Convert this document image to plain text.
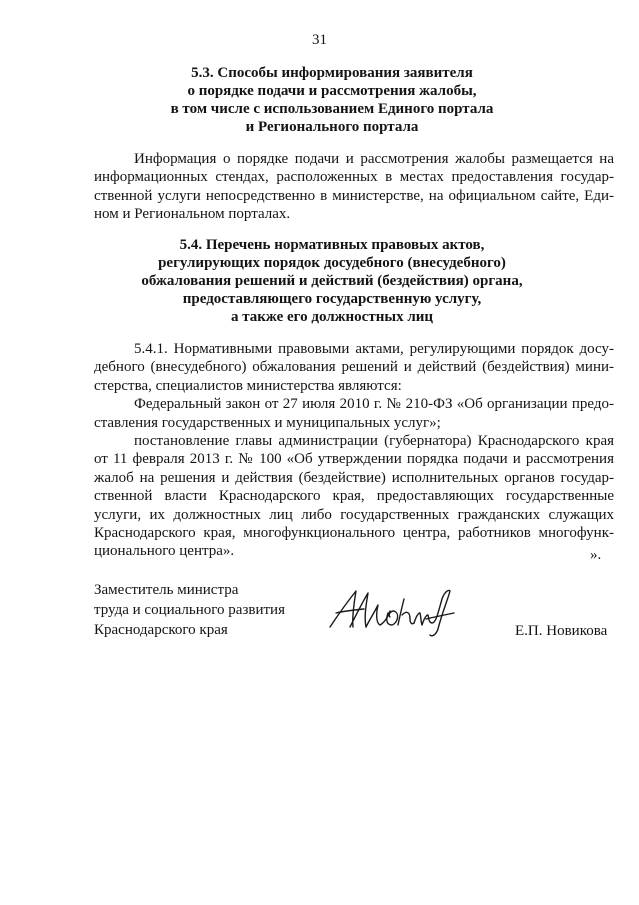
31
5.3. Способы информирования заявителя
о порядке подачи и рассмотрения жалобы,
в том числе с использованием Единого портала
и Регионального портала
Информация о порядке подачи и рассмотрения жалобы размещается на
информационных стендах, расположенных в местах предоставления государ-
ственной услуги непосредственно в министерстве, на официальном сайте, Еди-
ном и Региональном порталах.
5.4. Перечень нормативных правовых актов,
регулирующих порядок досудебного (внесудебного)
обжалования решений и действий (бездействия) органа,
предоставляющего государственную услугу,
а также его должностных лиц
5.4.1. Нормативными правовыми актами, регулирующими порядок досу-
дебного (внесудебного) обжалования решений и действий (бездействия) мини-
стерства, специалистов министерства являются:
Федеральный закон от 27 июля 2010 г. № 210-ФЗ «Об организации предо-
ставления государственных и муниципальных услуг»;
постановление главы администрации (губернатора) Краснодарского края
от 11 февраля 2013 г. № 100 «Об утверждении порядка подачи и рассмотрения
жалоб на решения и действия (бездействие) исполнительных органов государ-
ственной власти Краснодарского края, предоставляющих государственные
услуги, их должностных лиц либо государственных гражданских служащих
Краснодарского края, многофункционального центра, работников многофунк-
ционального центра».	».
Заместитель министра
труда и социального развития
Краснодарского края	Е.П. Новикова
